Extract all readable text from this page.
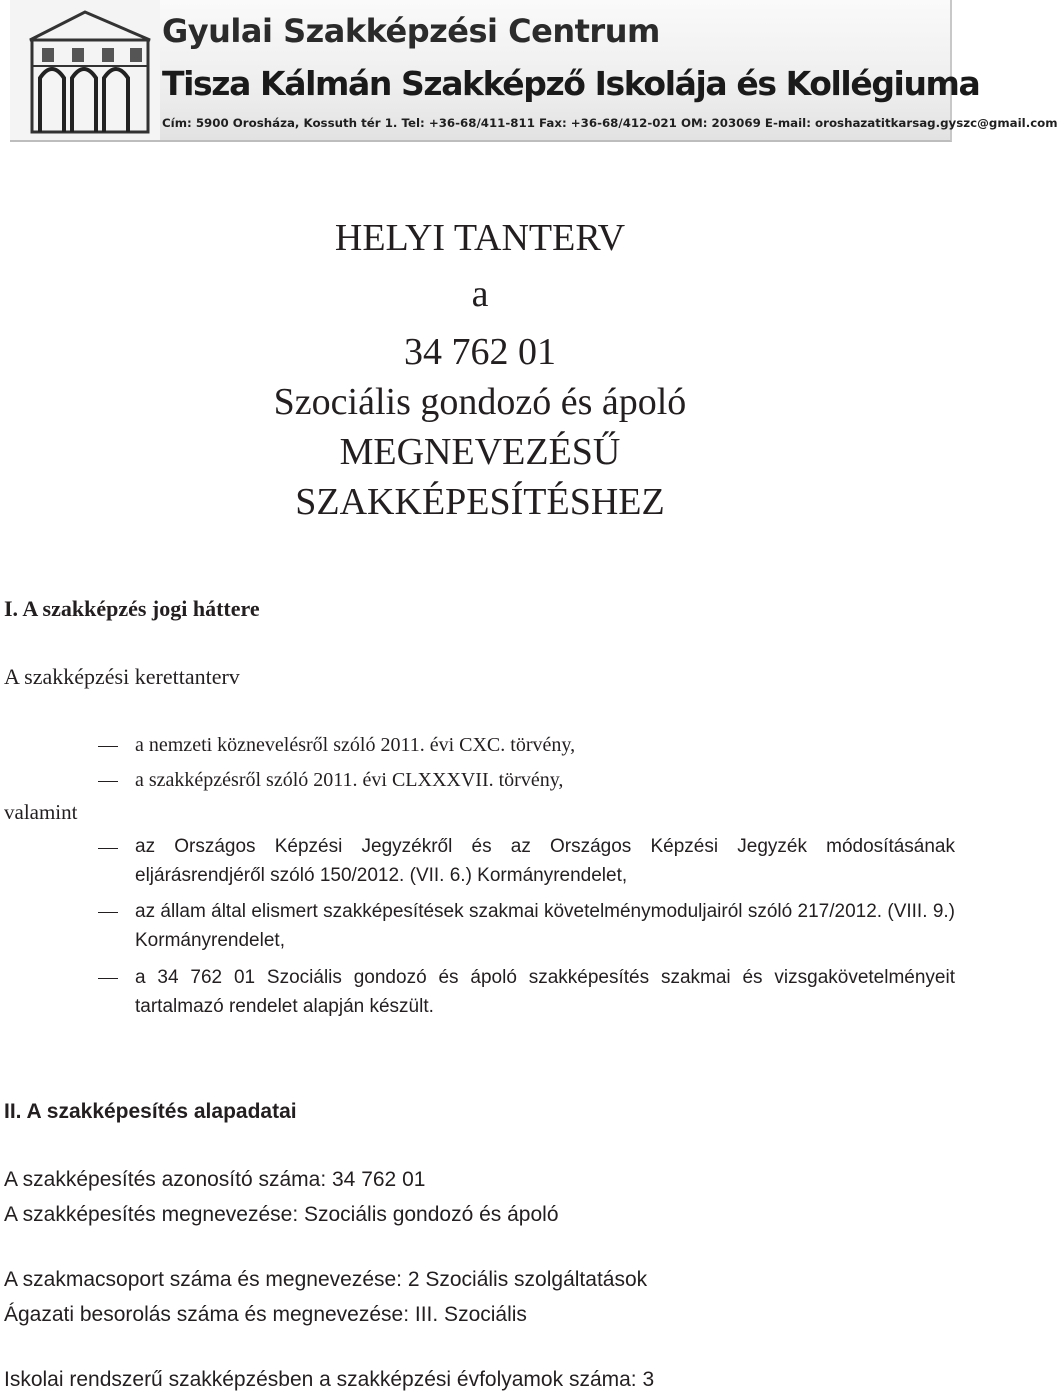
Gyulai Szakképzési Centrum
Tisza Kálmán Szakképző Iskolája és Kollégiuma
Cím: 5900 Orosháza, Kossuth tér 1. Tel: +36-68/411-811 Fax: +36-68/412-021 OM: 203069 E-mail: oroshazatitkarsag.gyszc@gmail.com
HELYI TANTERV
a
34 762 01
Szociális gondozó és ápoló
MEGNEVEZÉSŰ
SZAKKÉPESÍTÉSHEZ
I. A szakképzés jogi háttere
A szakképzési kerettanterv
a nemzeti köznevelésről szóló 2011. évi CXC. törvény,
a szakképzésről szóló 2011. évi CLXXXVII. törvény,
valamint
az Országos Képzési Jegyzékről és az Országos Képzési Jegyzék módosításának eljárásrendjéről szóló 150/2012. (VII. 6.) Kormányrendelet,
az állam által elismert szakképesítések szakmai követelménymoduljairól szóló 217/2012. (VIII. 9.) Kormányrendelet,
a 34 762 01 Szociális gondozó és ápoló szakképesítés szakmai és vizsgakövetelményeit tartalmazó rendelet alapján készült.
II. A szakképesítés alapadatai
A szakképesítés azonosító száma: 34 762 01
A szakképesítés megnevezése: Szociális gondozó és ápoló
A szakmacsoport száma és megnevezése: 2 Szociális szolgáltatások
Ágazati besorolás száma és megnevezése: III. Szociális
Iskolai rendszerű szakképzésben a szakképzési évfolyamok száma: 3
